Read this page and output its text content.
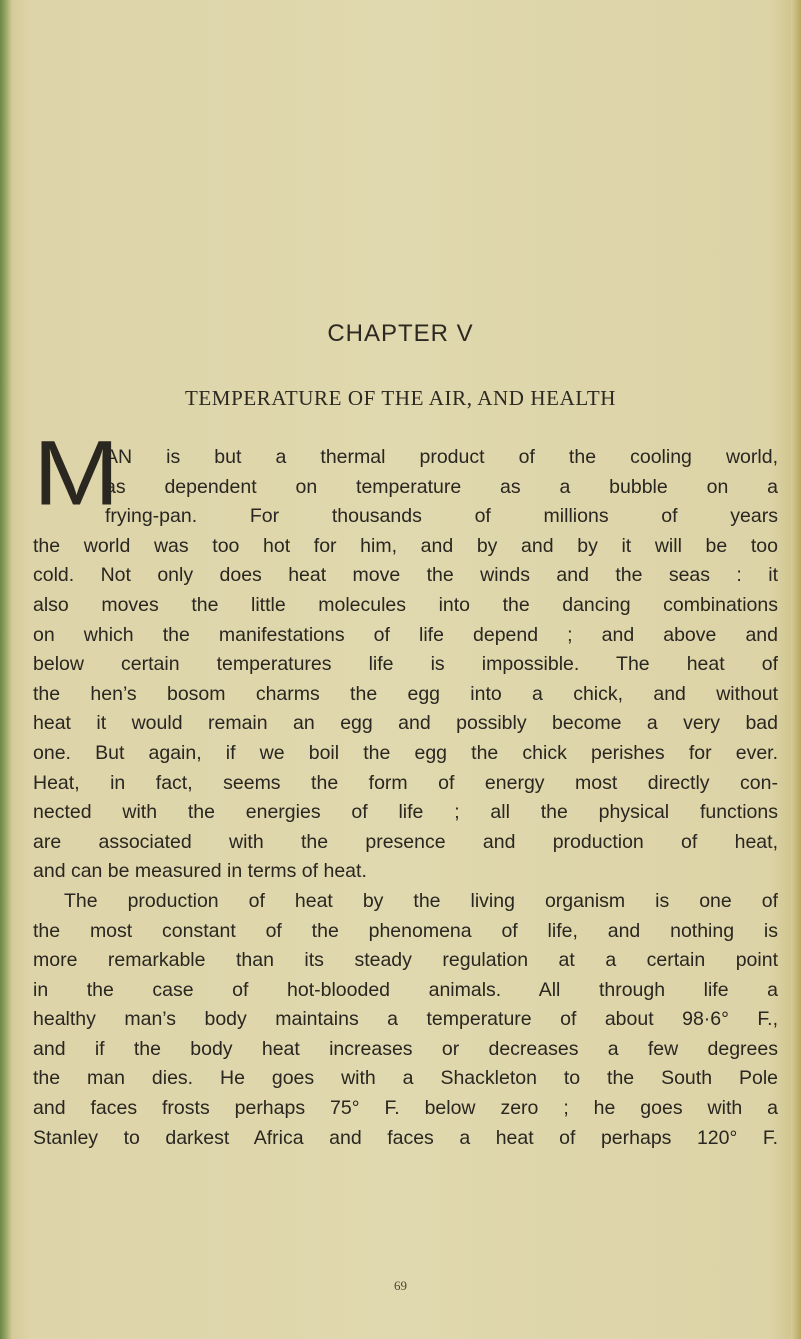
CHAPTER V
TEMPERATURE OF THE AIR, AND HEALTH
M
AN is but a thermal product of the cooling world,
as dependent on temperature as a bubble on a
frying-pan. For thousands of millions of years
the world was too hot for him, and by and by it will be too
cold. Not only does heat move the winds and the seas : it
also moves the little molecules into the dancing combinations
on which the manifestations of life depend ; and above and
below certain temperatures life is impossible. The heat of
the hen’s bosom charms the egg into a chick, and without
heat it would remain an egg and possibly become a very bad
one. But again, if we boil the egg the chick perishes for ever.
Heat, in fact, seems the form of energy most directly con-
nected with the energies of life ; all the physical functions
are associated with the presence and production of heat,
and can be measured in terms of heat.
The production of heat by the living organism is one of
the most constant of the phenomena of life, and nothing is
more remarkable than its steady regulation at a certain point
in the case of hot-blooded animals. All through life a
healthy man’s body maintains a temperature of about 98·6° F.,
and if the body heat increases or decreases a few degrees
the man dies. He goes with a Shackleton to the South Pole
and faces frosts perhaps 75° F. below zero ; he goes with a
Stanley to darkest Africa and faces a heat of perhaps 120° F.
69
